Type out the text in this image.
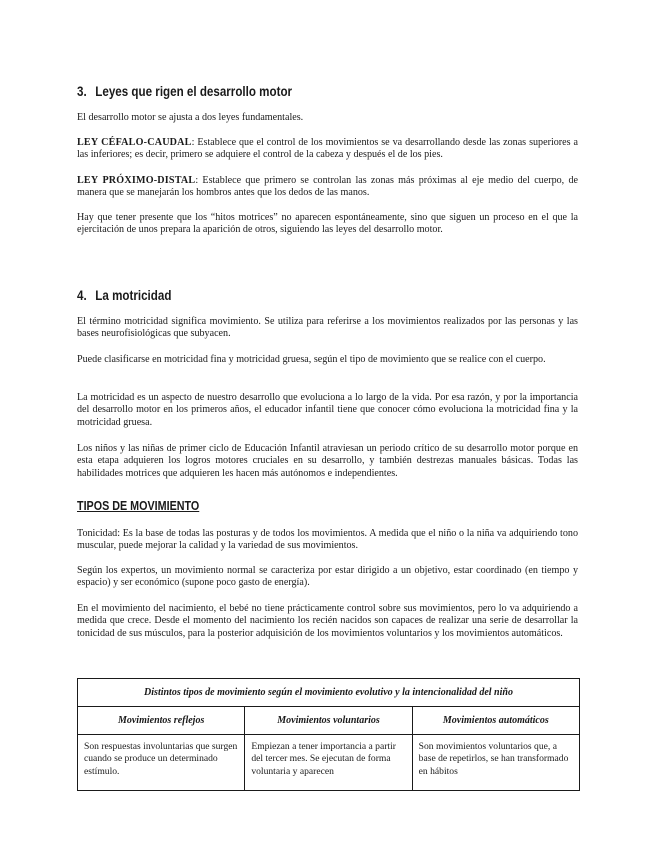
3. Leyes que rigen el desarrollo motor

El desarrollo motor se ajusta a dos leyes fundamentales.

LEY CÉFALO-CAUDAL: Establece que el control de los movimientos se va desarrollando desde las zonas superiores a las inferiores; es decir, primero se adquiere el control de la cabeza y después el de los pies.

LEY PRÓXIMO-DISTAL: Establece que primero se controlan las zonas más próximas al eje medio del cuerpo, de manera que se manejarán los hombros antes que los dedos de las manos.

Hay que tener presente que los “hitos motrices” no aparecen espontáneamente, sino que siguen un proceso en el que la ejercitación de unos prepara la aparición de otros, siguiendo las leyes del desarrollo motor.

4. La motricidad

El término motricidad significa movimiento. Se utiliza para referirse a los movimientos realizados por las personas y las bases neurofisiológicas que subyacen.

Puede clasificarse en motricidad fina y motricidad gruesa, según el tipo de movimiento que se realice con el cuerpo.

La motricidad es un aspecto de nuestro desarrollo que evoluciona a lo largo de la vida. Por esa razón, y por la importancia del desarrollo motor en los primeros años, el educador infantil tiene que conocer cómo evoluciona la motricidad fina y la motricidad gruesa.

Los niños y las niñas de primer ciclo de Educación Infantil atraviesan un periodo crítico de su desarrollo motor porque en esta etapa adquieren los logros motores cruciales en su desarrollo, y también destrezas manuales básicas. Todas las habilidades motrices que adquieren les hacen más autónomos e independientes.

TIPOS DE MOVIMIENTO

Tonicidad: Es la base de todas las posturas y de todos los movimientos. A medida que el niño o la niña va adquiriendo tono muscular, puede mejorar la calidad y la variedad de sus movimientos.

Según los expertos, un movimiento normal se caracteriza por estar dirigido a un objetivo, estar coordinado (en tiempo y espacio) y ser económico (supone poco gasto de energía).

En el movimiento del nacimiento, el bebé no tiene prácticamente control sobre sus movimientos, pero lo va adquiriendo a medida que crece. Desde el momento del nacimiento los recién nacidos son capaces de realizar una serie de desarrollar la tonicidad de sus músculos, para la posterior adquisición de los movimientos voluntarios y los movimientos automáticos.

Distintos tipos de movimiento según el movimiento evolutivo y la intencionalidad del niño		
Movimientos reflejos	Movimientos voluntarios	Movimientos automáticos
Son respuestas involuntarias que surgen cuando se produce un determinado estímulo.	Empiezan a tener importancia a partir del tercer mes. Se ejecutan de forma voluntaria y aparecen	Son movimientos voluntarios que, a base de repetirlos, se han transformado en hábitos
